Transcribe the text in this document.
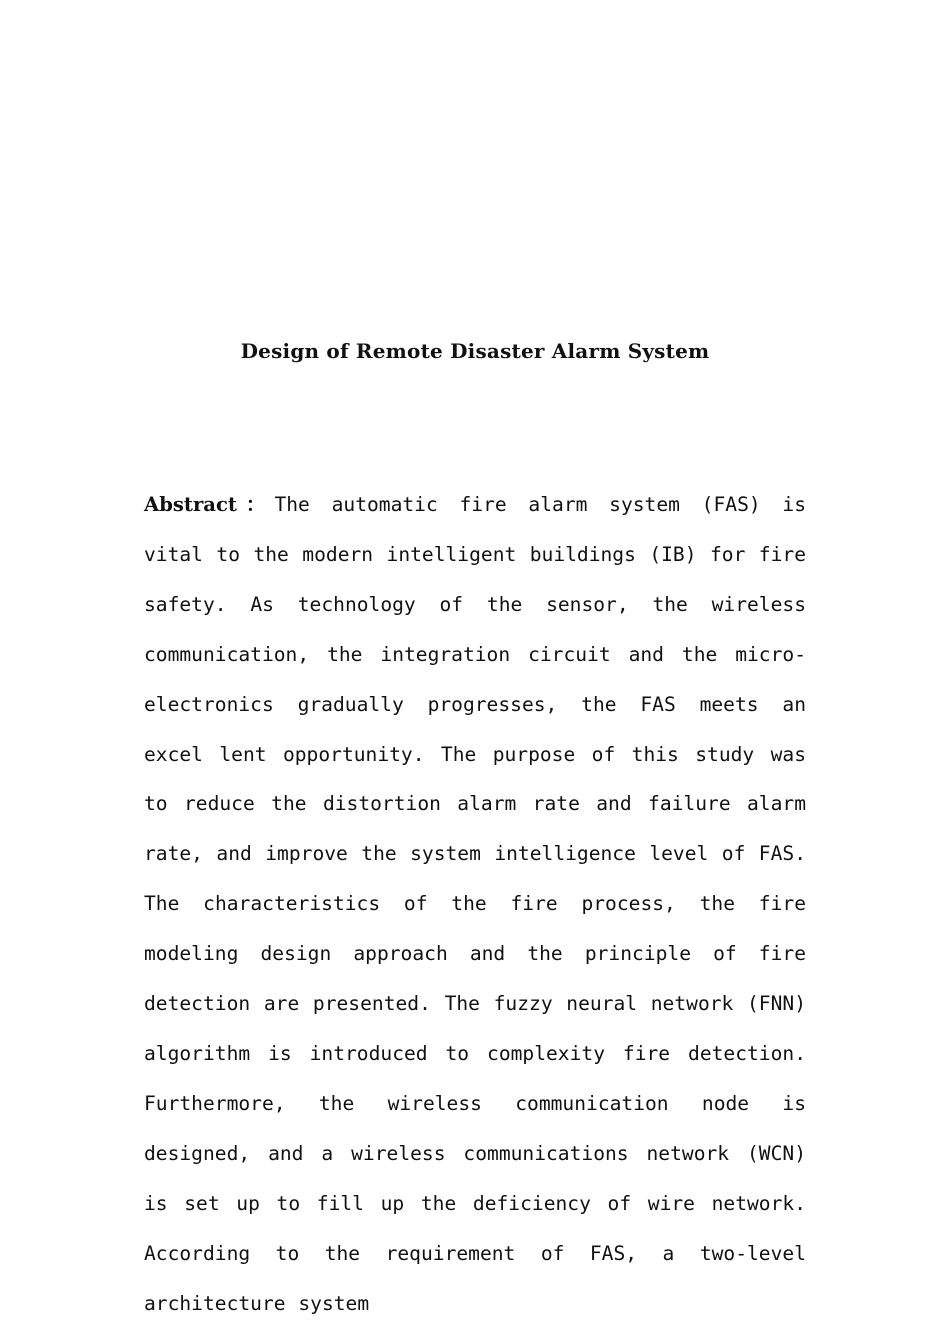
Design of Remote Disaster Alarm System

Abstract：The automatic fire alarm system (FAS) is vital to the modern intelligent buildings (IB) for fire safety. As technology of the sensor, the wireless communication, the integration circuit and the micro-electronics gradually progresses, the FAS meets an excel lent opportunity. The purpose of this study was to reduce the distortion alarm rate and failure alarm rate, and improve the system intelligence level of FAS. The characteristics of the fire process, the fire modeling design approach and the principle of fire detection are presented. The fuzzy neural network (FNN) algorithm is introduced to complexity fire detection. Furthermore, the wireless communication node is designed, and a wireless communications network (WCN) is set up to fill up the deficiency of wire network. According to the requirement of FAS, a two-level architecture system
